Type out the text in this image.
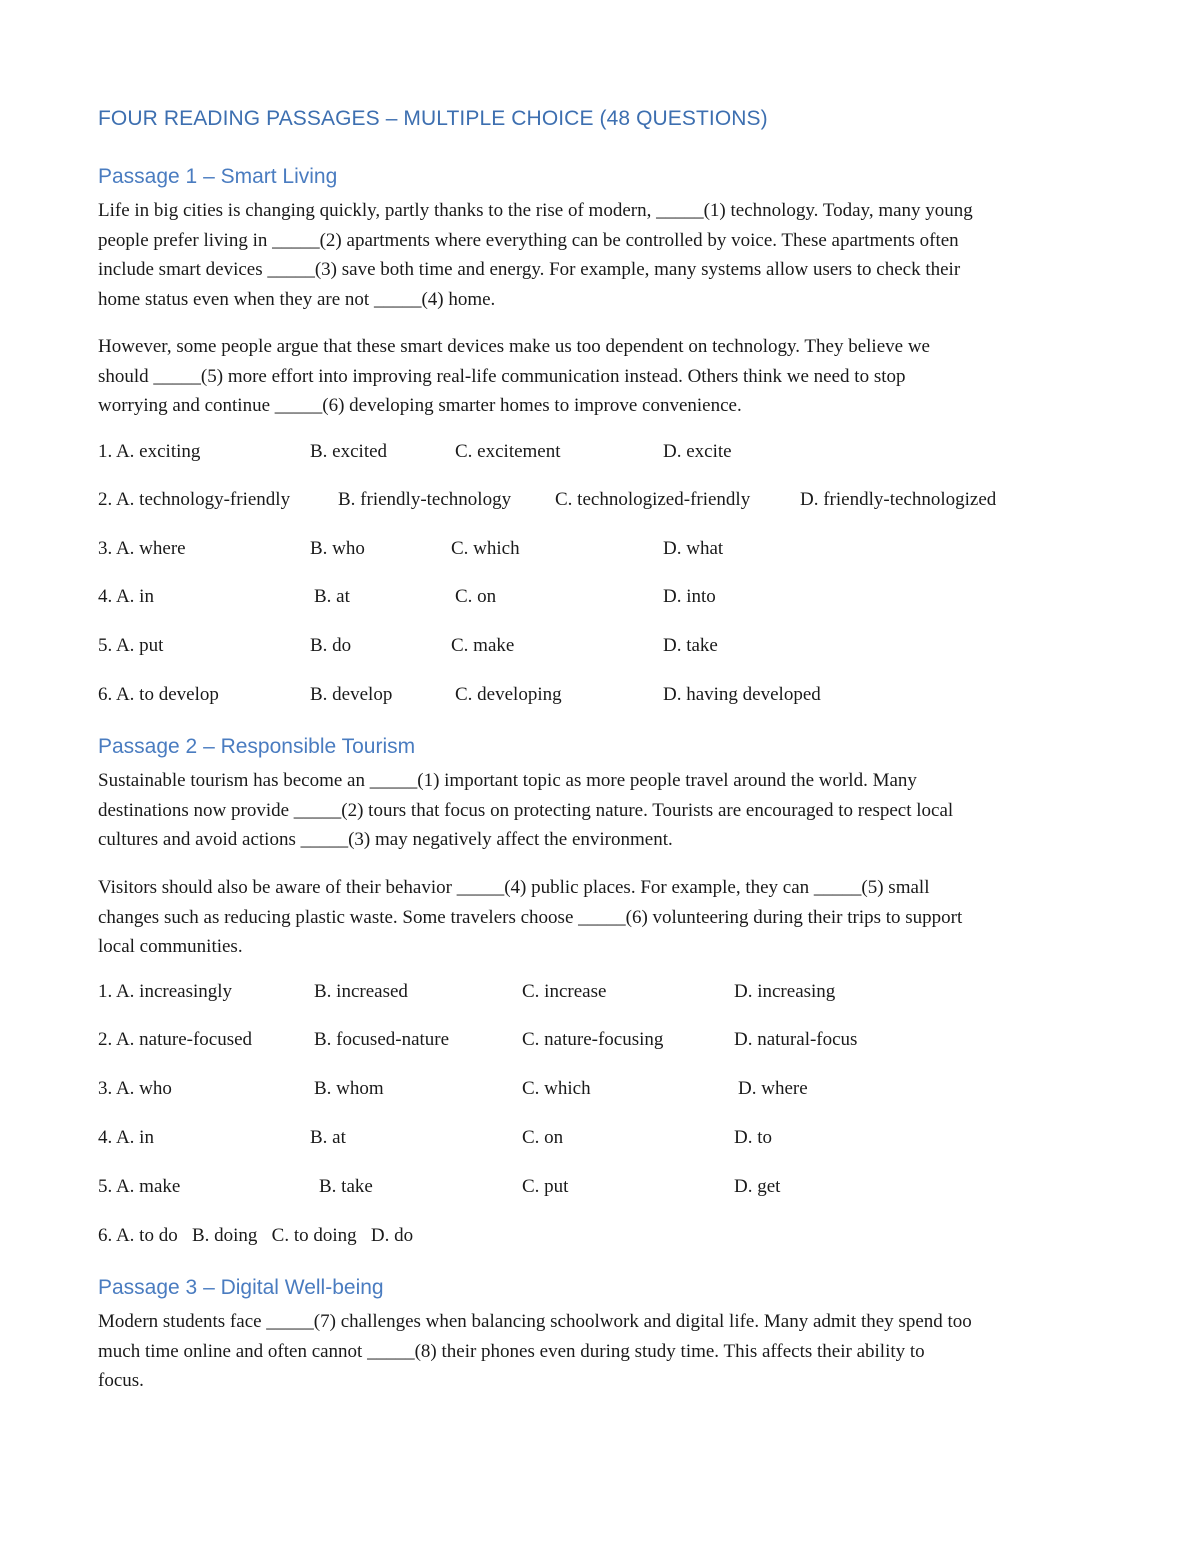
FOUR READING PASSAGES – MULTIPLE CHOICE (48 QUESTIONS)
Passage 1 – Smart Living

Life in big cities is changing quickly, partly thanks to the rise of modern, _____(1) technology. Today, many young
people prefer living in _____(2) apartments where everything can be controlled by voice. These apartments often
include smart devices _____(3) save both time and energy. For example, many systems allow users to check their
home status even when they are not _____(4) home.

However, some people argue that these smart devices make us too dependent on technology. They believe we
should _____(5) more effort into improving real-life communication instead. Others think we need to stop
worrying and continue _____(6) developing smarter homes to improve convenience.

1. A. exciting	B. excited	C. excitement	D. excite
2. A. technology-friendly	B. friendly-technology C. technologized-friendly	D. friendly-technologized
3. A. where	B. who	C. which	D. what
4. A. in	B. at	C. on	D. into
5. A. put	B. do	C. make	D. take
6. A. to develop	B. develop	C. developing	D. having developed
Passage 2 – Responsible Tourism

Sustainable tourism has become an _____(1) important topic as more people travel around the world. Many
destinations now provide _____(2) tours that focus on protecting nature. Tourists are encouraged to respect local
cultures and avoid actions _____(3) may negatively affect the environment.

Visitors should also be aware of their behavior _____(4) public places. For example, they can _____(5) small
changes such as reducing plastic waste. Some travelers choose _____(6) volunteering during their trips to support
local communities.

1. A. increasingly	B. increased	C. increase	D. increasing
2. A. nature-focused	B. focused-nature	C. nature-focusing	D. natural-focus
3. A. who	B. whom	C. which	D. where
4. A. in	B. at	C. on	D. to
5. A. make	B. take	C. put	D. get
6. A. to do   B. doing   C. to doing   D. do
Passage 3 – Digital Well-being

Modern students face _____(7) challenges when balancing schoolwork and digital life. Many admit they spend too
much time online and often cannot _____(8) their phones even during study time. This affects their ability to
focus.
